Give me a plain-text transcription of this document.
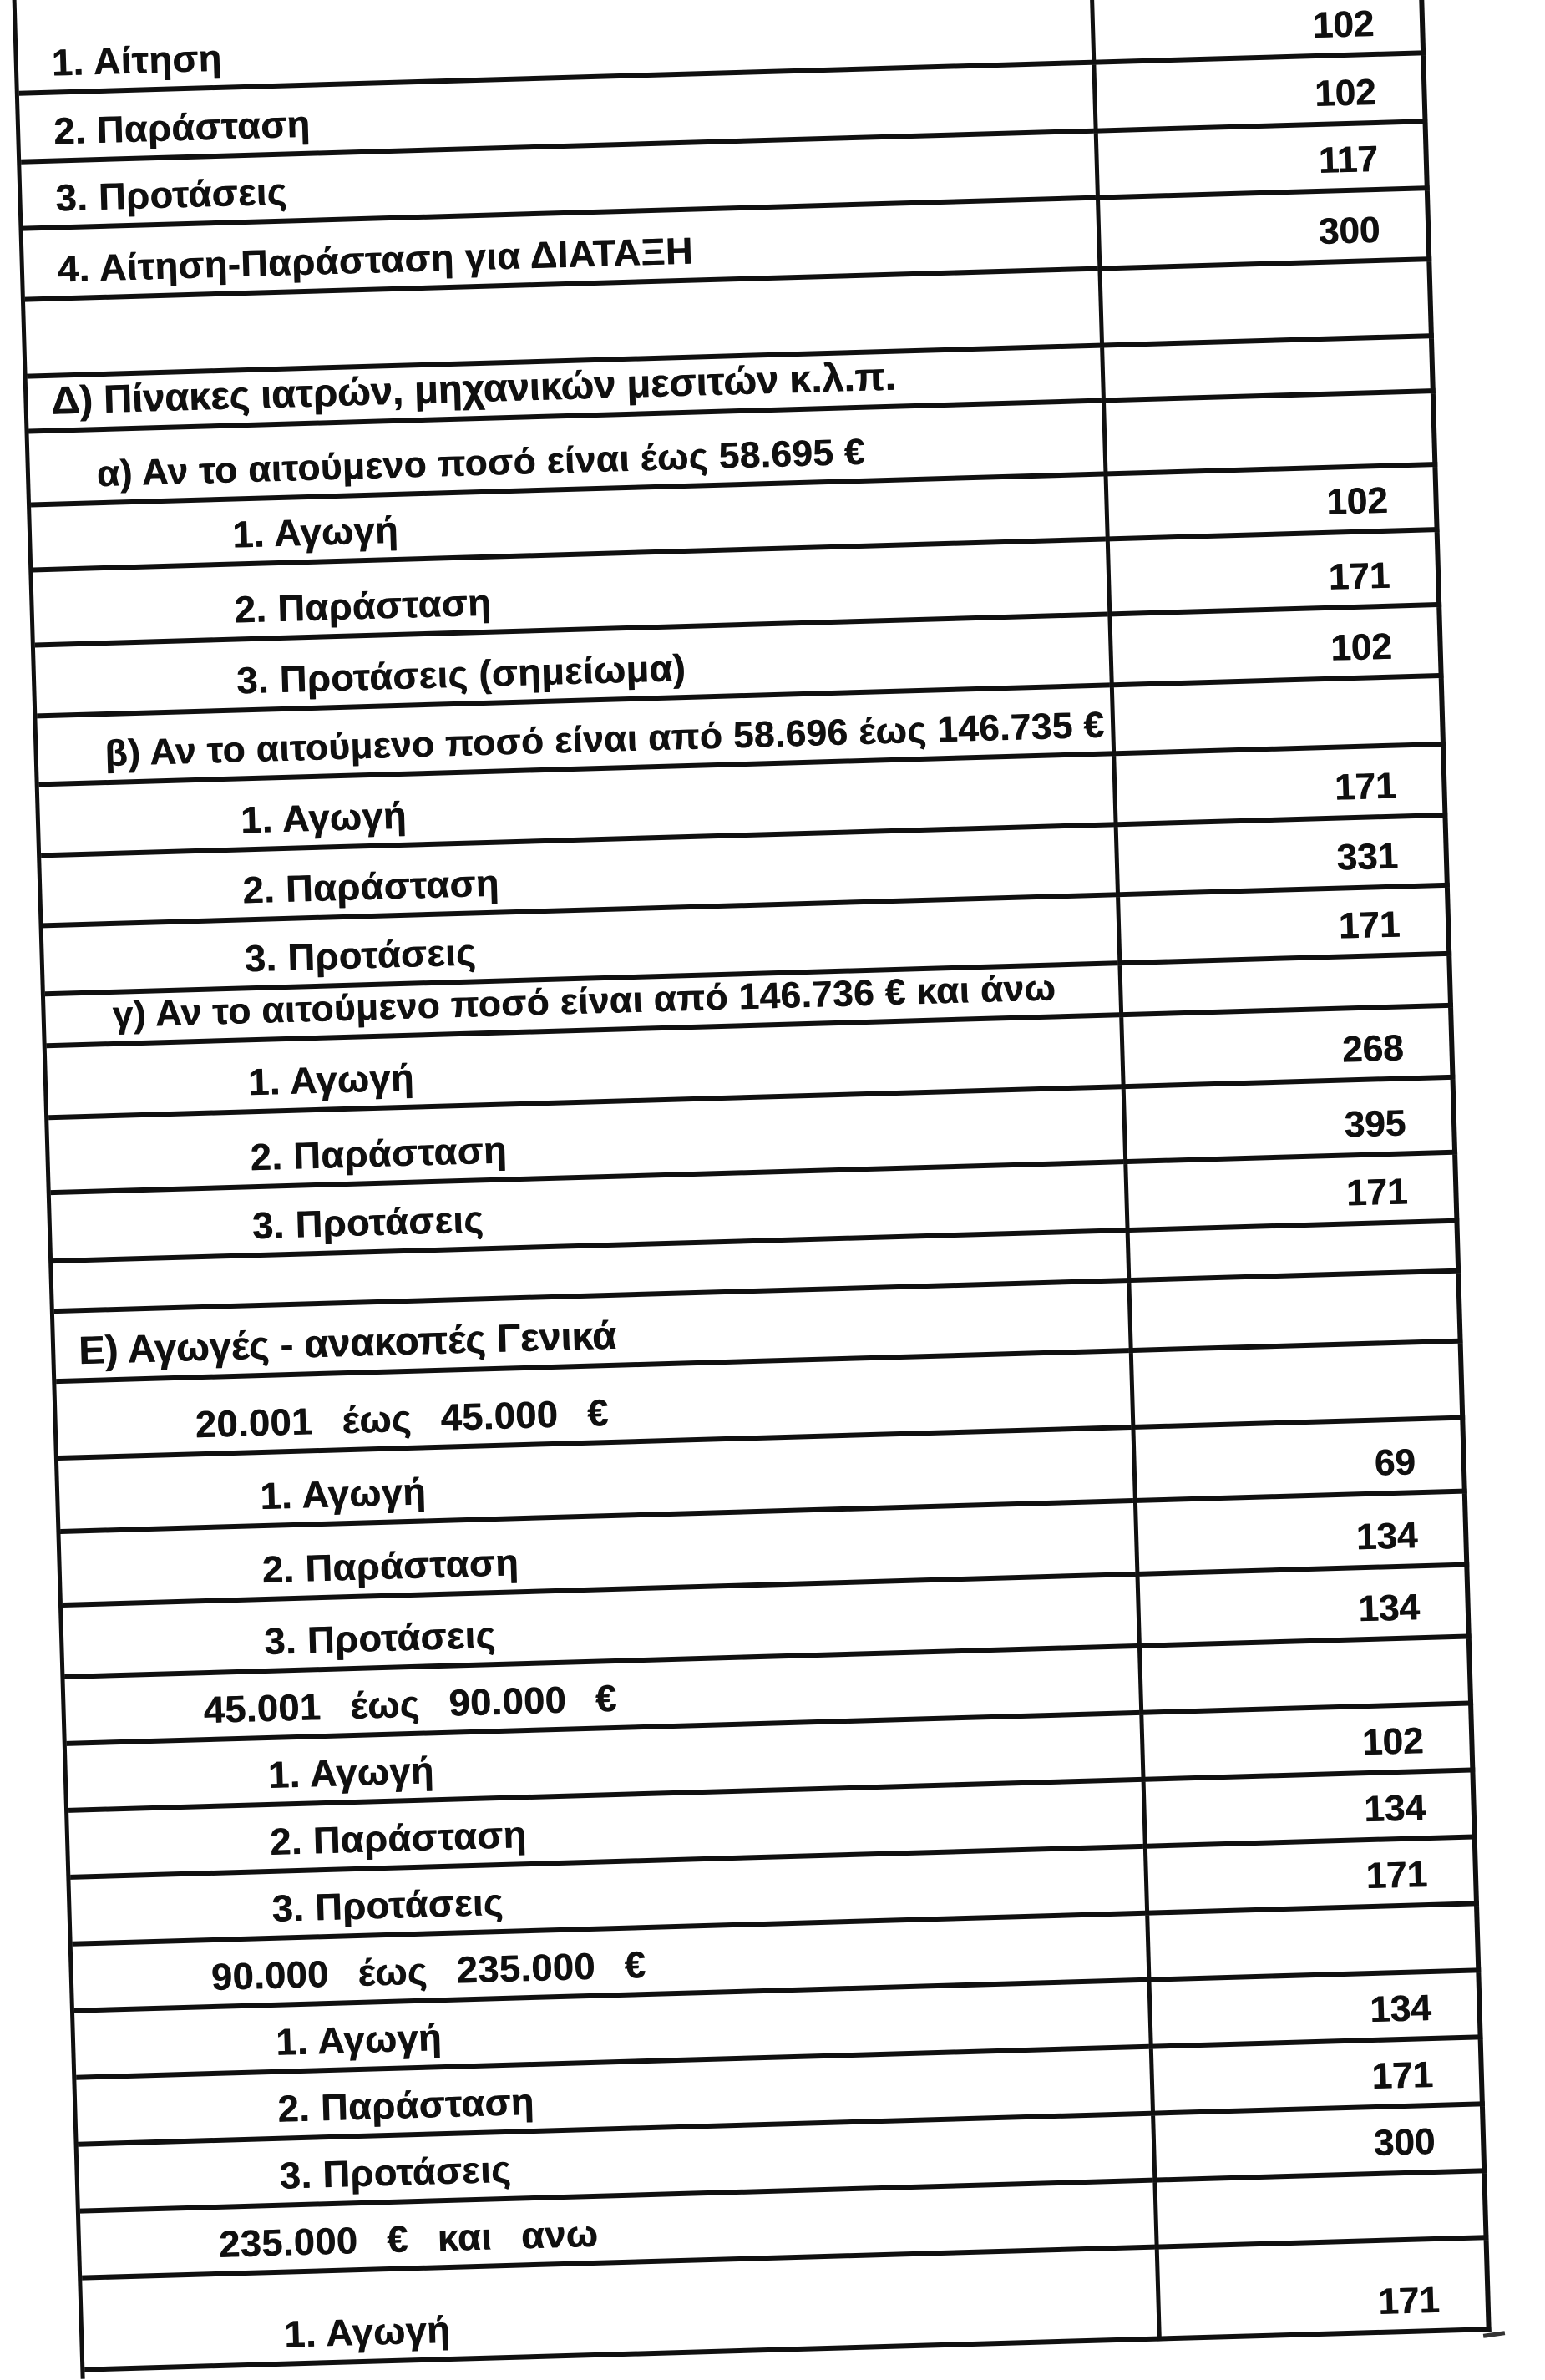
1. Αίτηση
102
2. Παράσταση
102
3. Προτάσεις
117
4. Αίτηση-Παράσταση για ΔΙΑΤΑΞΗ	300
Δ) Πίνακες ιατρών, μηχανικών μεσιτών κ.λ.π.
α) Αν το αιτούμενο ποσό είναι έως 58.695 €
1. Αγωγή
102
2. Παράσταση
171
3. Προτάσεις (σημείωμα)	102
β) Αν το αιτούμενο ποσό είναι από 58.696 έως 146.735 €
1. Αγωγή
171
2. Παράσταση
331
3. Προτάσεις
171
γ) Αν το αιτούμενο ποσό είναι από 146.736 € και άνω
1. Αγωγή
268
2. Παράσταση
395
3. Προτάσεις
171
Ε) Αγωγές - ανακοπές Γενικά
20.001 έως 45.000 €
1. Αγωγή
69
2. Παράσταση
134
3. Προτάσεις
134
45.001 έως 90.000 €
1. Αγωγή
102
2. Παράσταση
134
3. Προτάσεις
171
90.000 έως 235.000 €
1. Αγωγή
134
2. Παράσταση
171
3. Προτάσεις
300
235.000 € και ανω
1. Αγωγή
171
